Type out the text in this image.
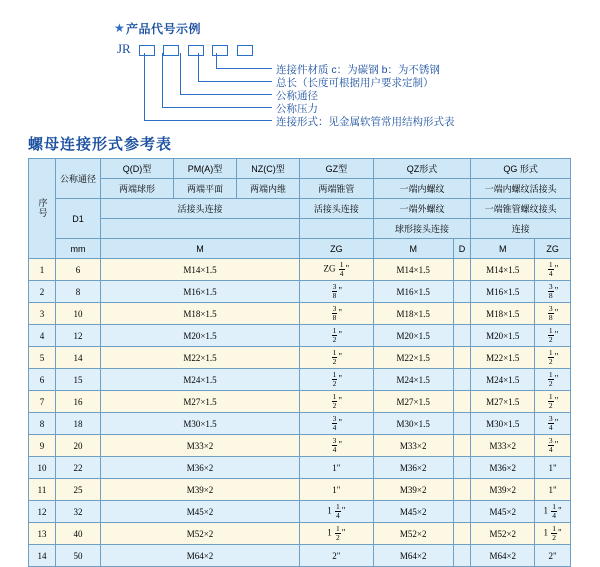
★ 产品代号示例
JR

连接件材质 c：为碳钢 b：为不锈钢
总长（长度可根据用户要求定制）
公称通径
公称压力
连接形式：见金属软管常用结构形式表
螺母连接形式参考表
序号	公称通径	Q(D)型	PM(A)型	NZ(C)型	GZ型	QZ形式		QG 形式	
		两端球形	两端平面	两端内维	两端锥管	一端内螺纹		一端内螺纹活接头	
	D1	活接头连接			活接头连接	一端外螺纹		一端锥管螺纹接头	
						球形接头连接		连接	
	mm	M			ZG	M	D	M	ZG
1	6	M14×1.5			ZG $\frac{1}{4}$ "	M14×1.5		M14×1.5	$\frac{1}{4}$ "
2	8	M16×1.5			$\frac{3}{8}$ "	M16×1.5		M16×1.5	$\frac{3}{8}$ "
3	10	M18×1.5			$\frac{3}{8}$ "	M18×1.5		M18×1.5	$\frac{3}{8}$ "
4	12	M20×1.5			$\frac{1}{2}$ "	M20×1.5		M20×1.5	$\frac{1}{2}$ "
5	14	M22×1.5			$\frac{1}{2}$ "	M22×1.5		M22×1.5	$\frac{1}{2}$ "
6	15	M24×1.5			$\frac{1}{2}$ "	M24×1.5		M24×1.5	$\frac{1}{2}$ "
7	16	M27×1.5			$\frac{1}{2}$ "	M27×1.5		M27×1.5	$\frac{1}{2}$ "
8	18	M30×1.5			$\frac{3}{4}$ "	M30×1.5		M30×1.5	$\frac{3}{4}$ "
9	20	M33×2			$\frac{3}{4}$ "	M33×2		M33×2	$\frac{3}{4}$ "
10	22	M36×2			1"	M36×2		M36×2	1"
11	25	M39×2			1"	M39×2		M39×2	1"
12	32	M45×2			$1 \frac{1}{4}$ "	M45×2		M45×2	$1 \frac{1}{4}$ "
13	40	M52×2			$1 \frac{1}{2}$ "	M52×2		M52×2	$1 \frac{1}{2}$ "
14	50	M64×2			2"	M64×2		M64×2	2"
